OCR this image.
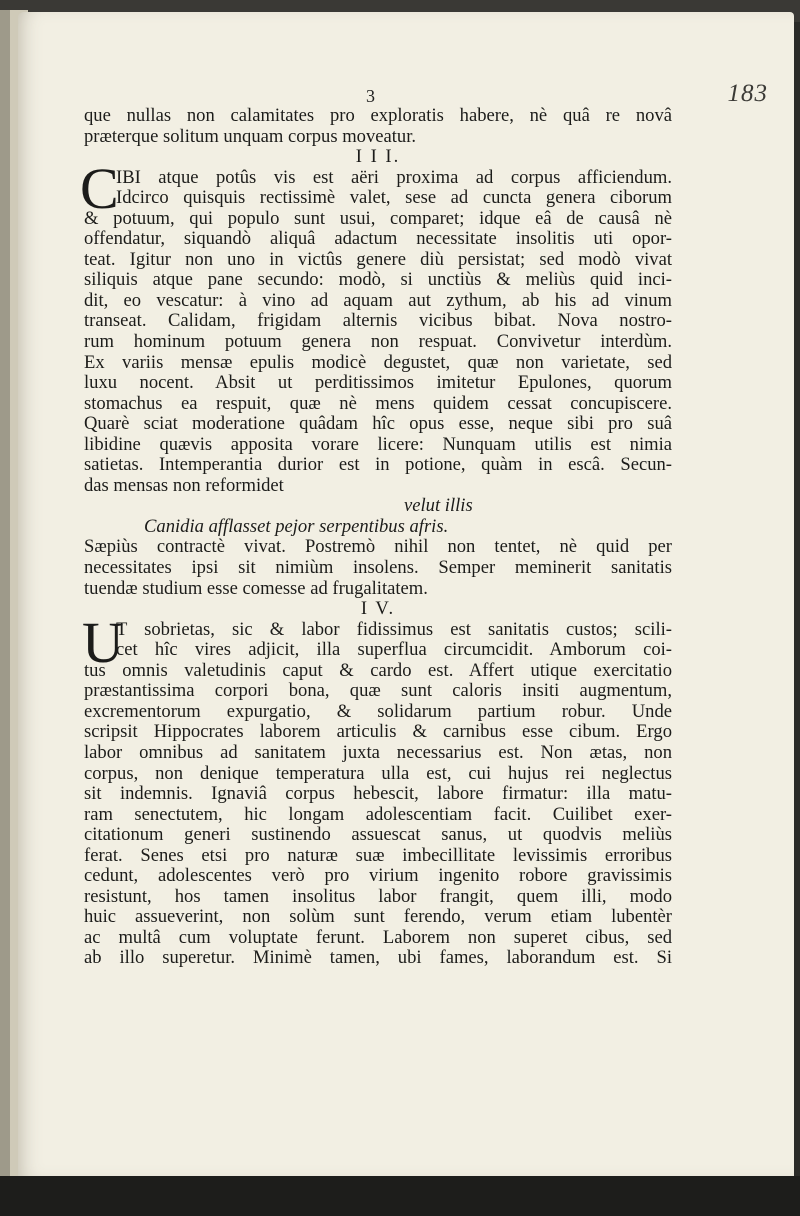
183
3
que nullas non calamitates pro exploratis habere, nè quâ re novâ
præterque solitum unquam corpus moveatur.
I I I.
C
IBI atque potûs vis est aëri proxima ad corpus afficiendum.
Idcirco quisquis rectissimè valet, sese ad cuncta genera ciborum
& potuum, qui populo sunt usui, comparet; idque eâ de causâ nè
offendatur, siquandò aliquâ adactum necessitate insolitis uti opor-
teat. Igitur non uno in victûs genere diù persistat; sed modò vivat
siliquis atque pane secundo: modò, si unctiùs & meliùs quid inci-
dit, eo vescatur: à vino ad aquam aut zythum, ab his ad vinum
transeat. Calidam, frigidam alternis vicibus bibat. Nova nostro-
rum hominum potuum genera non respuat. Convivetur interdùm.
Ex variis mensæ epulis modicè degustet, quæ non varietate, sed
luxu nocent. Absit ut perditissimos imitetur Epulones, quorum
stomachus ea respuit, quæ nè mens quidem cessat concupiscere.
Quarè sciat moderatione quâdam hîc opus esse, neque sibi pro suâ
libidine quævis apposita vorare licere: Nunquam utilis est nimia
satietas. Intemperantia durior est in potione, quàm in escâ. Secun-
das mensas non reformidet
velut illis
Canidia afflasset pejor serpentibus afris.
Sæpiùs contractè vivat. Postremò nihil non tentet, nè quid per
necessitates ipsi sit nimiùm insolens. Semper meminerit sanitatis
tuendæ studium esse comesse ad frugalitatem.
I V.
U
T sobrietas, sic & labor fidissimus est sanitatis custos; scili-
cet hîc vires adjicit, illa superflua circumcidit. Amborum coi-
tus omnis valetudinis caput & cardo est. Affert utique exercitatio
præstantissima corpori bona, quæ sunt caloris insiti augmentum,
excrementorum expurgatio, & solidarum partium robur. Unde
scripsit Hippocrates laborem articulis & carnibus esse cibum. Ergo
labor omnibus ad sanitatem juxta necessarius est. Non ætas, non
corpus, non denique temperatura ulla est, cui hujus rei neglectus
sit indemnis. Ignaviâ corpus hebescit, labore firmatur: illa matu-
ram senectutem, hic longam adolescentiam facit. Cuilibet exer-
citationum generi sustinendo assuescat sanus, ut quodvis meliùs
ferat. Senes etsi pro naturæ suæ imbecillitate levissimis erroribus
cedunt, adolescentes verò pro virium ingenito robore gravissimis
resistunt, hos tamen insolitus labor frangit, quem illi, modo
huic assueverint, non solùm sunt ferendo, verum etiam lubentèr
ac multâ cum voluptate ferunt. Laborem non superet cibus, sed
ab illo superetur. Minimè tamen, ubi fames, laborandum est. Si
